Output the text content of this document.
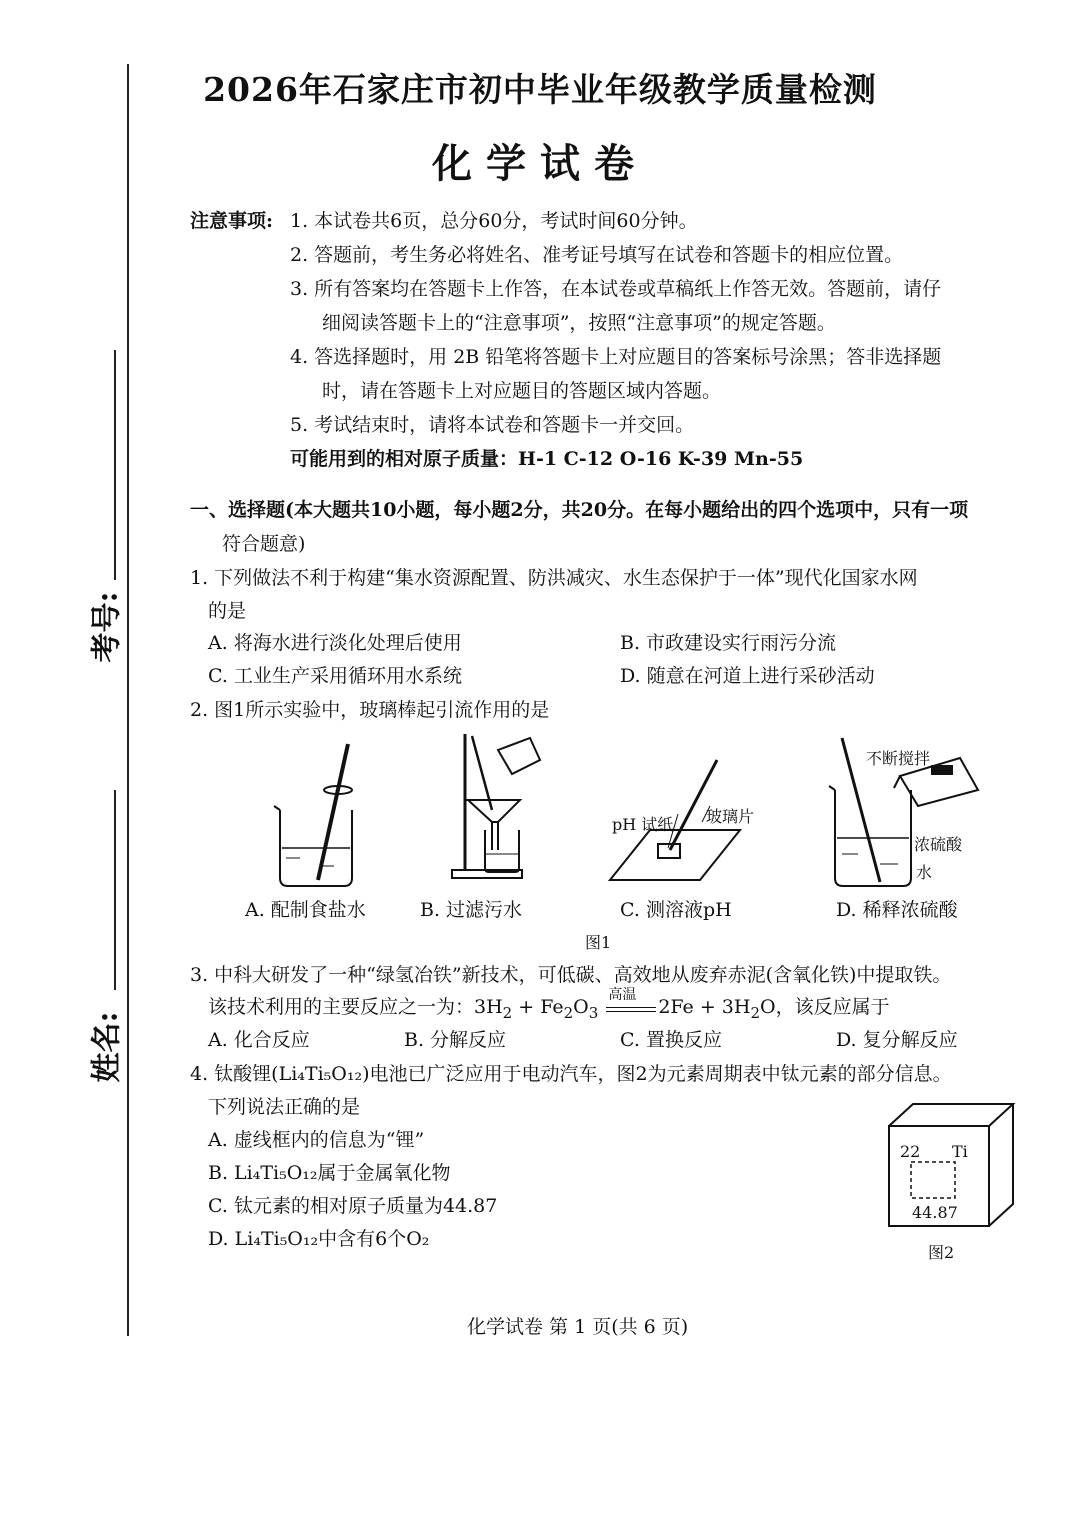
考号:
姓名:
2026年石家庄市初中毕业年级教学质量检测
化学试卷
注意事项: 1. 本试卷共6页，总分60分，考试时间60分钟。
2. 答题前，考生务必将姓名、准考证号填写在试卷和答题卡的相应位置。
3. 所有答案均在答题卡上作答，在本试卷或草稿纸上作答无效。答题前，请仔
细阅读答题卡上的“注意事项”，按照“注意事项”的规定答题。
4. 答选择题时，用 2B 铅笔将答题卡上对应题目的答案标号涂黑；答非选择题
时，请在答题卡上对应题目的答题区域内答题。
5. 考试结束时，请将本试卷和答题卡一并交回。
可能用到的相对原子质量：H-1 C-12 O-16 K-39 Mn-55
一、选择题(本大题共10小题，每小题2分，共20分。在每小题给出的四个选项中，只有一项
符合题意)
1. 下列做法不利于构建“集水资源配置、防洪减灾、水生态保护于一体”现代化国家水网
的是
A. 将海水进行淡化处理后使用	B. 市政建设实行雨污分流
C. 工业生产采用循环用水系统	D. 随意在河道上进行采砂活动
2. 图1所示实验中，玻璃棒起引流作用的是
pH 试纸 玻璃片
不断搅拌
浓硫酸
水
A. 配制食盐水	B. 过滤污水	C. 测溶液pH	D. 稀释浓硫酸
图1
3. 中科大研发了一种“绿氢冶铁”新技术，可低碳、高效地从废弃赤泥(含氧化铁)中提取铁。
该技术利用的主要反应之一为：$3H_2 + Fe_2O_3$
高温
$2Fe + 3H_2O$，该反应属于
A. 化合反应	B. 分解反应	C. 置换反应	D. 复分解反应
4. 钛酸锂(Li₄Ti₅O₁₂)电池已广泛应用于电动汽车，图2为元素周期表中钛元素的部分信息。
下列说法正确的是
A. 虚线框内的信息为“锂”
B. Li₄Ti₅O₁₂属于金属氧化物
C. 钛元素的相对原子质量为44.87
D. Li₄Ti₅O₁₂中含有6个O₂
22 Ti
44.87
图2
化学试卷 第 1 页(共 6 页)
